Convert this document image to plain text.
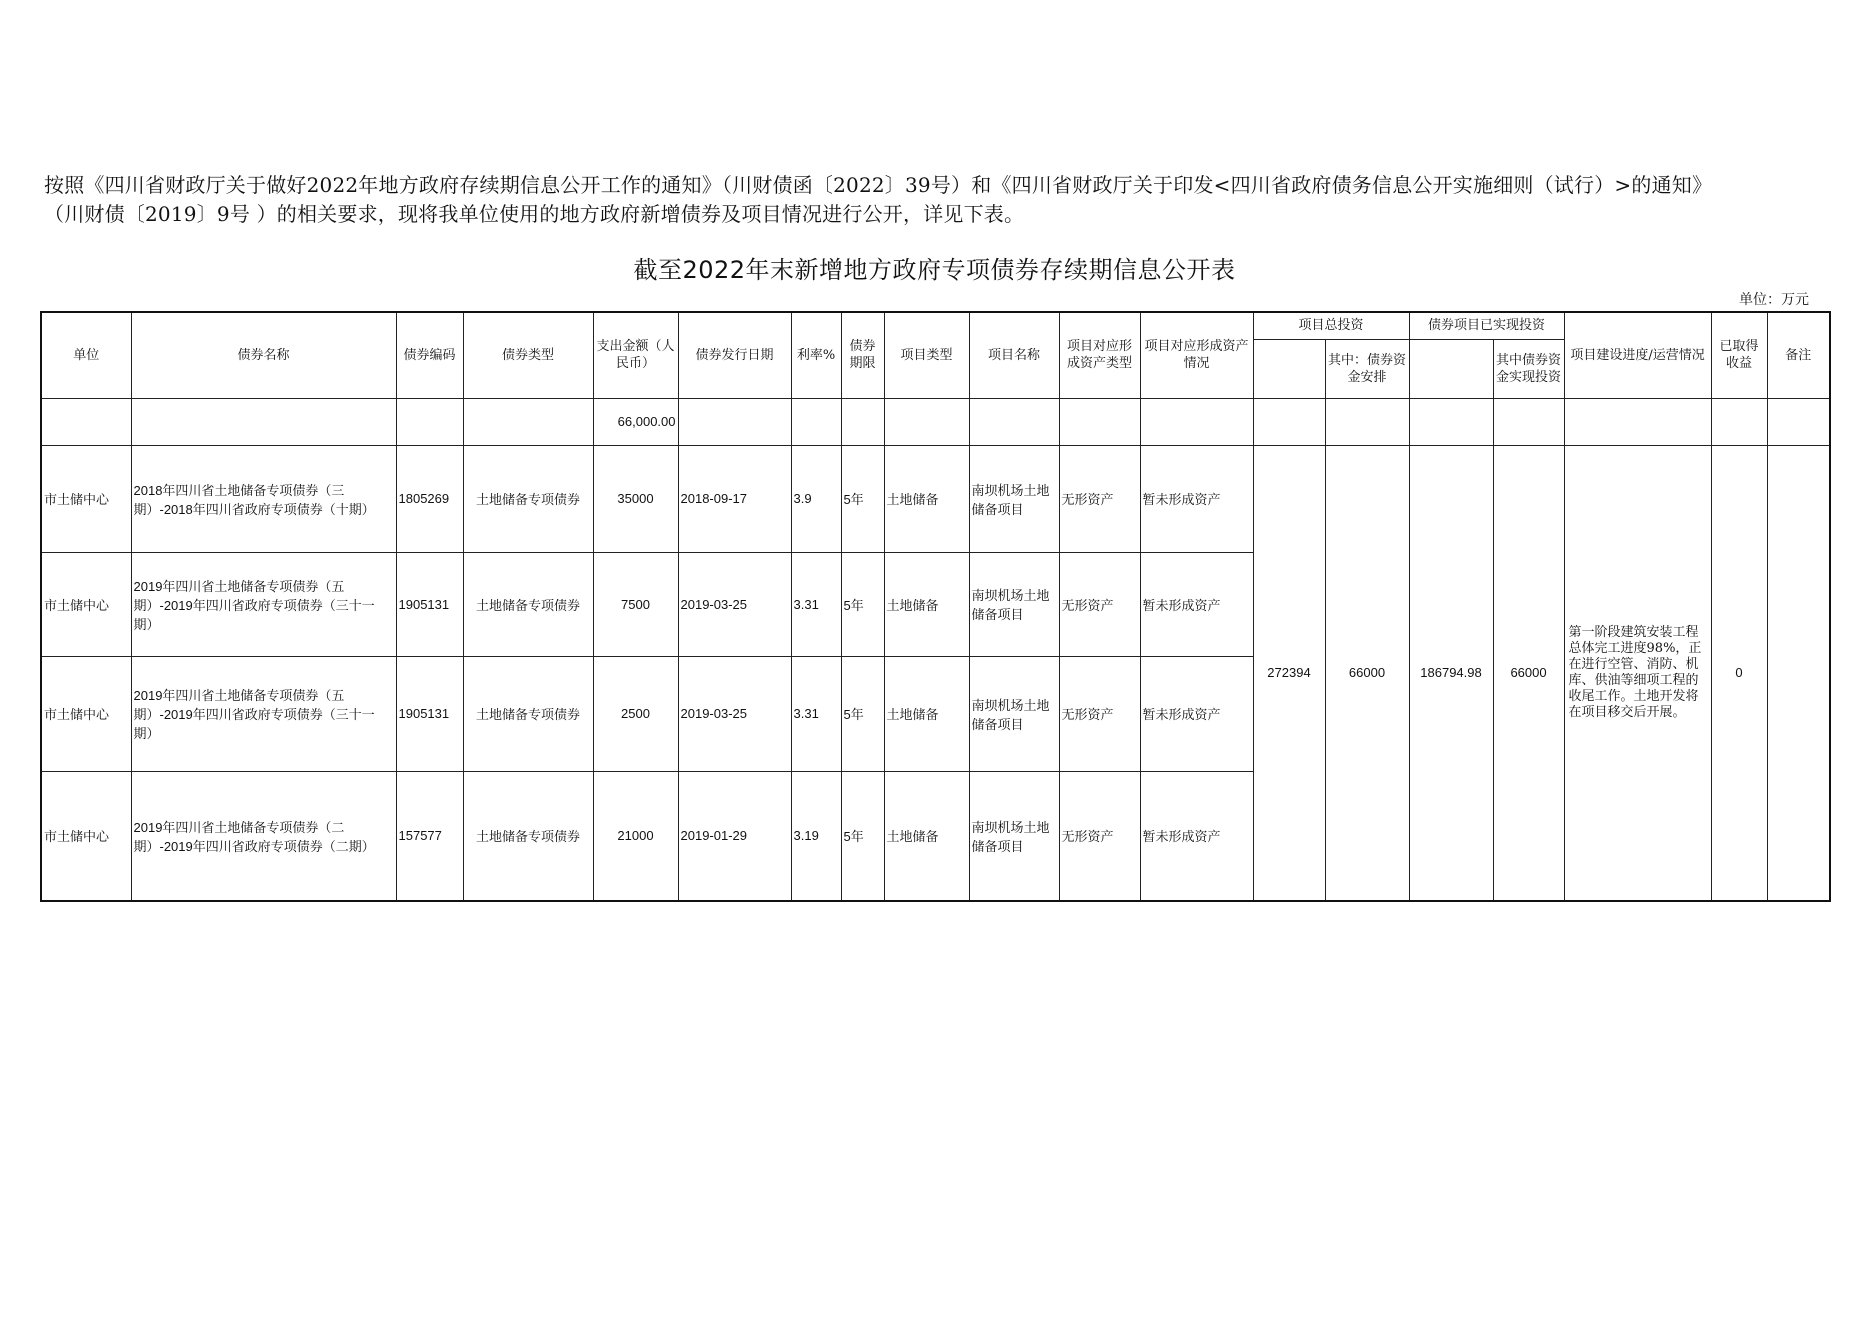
按照《四川省财政厅关于做好2022年地方政府存续期信息公开工作的通知》（川财债函〔2022〕39号）和《四川省财政厅关于印发<四川省政府债务信息公开实施细则（试行）>的通知》

（川财债〔2019〕9号 ）的相关要求，现将我单位使用的地方政府新增债券及项目情况进行公开，详见下表。

截至2022年末新增地方政府专项债券存续期信息公开表
单位：万元
单位	债券名称	债券编码	债券类型	支出金额（人民币）	债券发行日期	利率%	债券期限	项目类型	项目名称	项目对应形成资产类型	项目对应形成资产情况	项目总投资		债券项目已实现投资		项目建设进度/运营情况	已取得收益	备注
													其中：债券资金安排		其中债券资金实现投资			
				66,000.00														
市土储中心	2018年四川省土地储备专项债券（三期）-2018年四川省政府专项债券（十期）	1805269	土地储备专项债券	35000	2018-09-17	3.9	5年	土地储备	南坝机场土地储备项目	无形资产	暂未形成资产	272394	66000	186794.98	66000	第一阶段建筑安装工程总体完工进度98%，正在进行空管、消防、机库、供油等细项工程的收尾工作。土地开发将在项目移交后开展。	0	
市土储中心	2019年四川省土地储备专项债券（五期）-2019年四川省政府专项债券（三十一期）	1905131	土地储备专项债券	7500	2019-03-25	3.31	5年	土地储备	南坝机场土地储备项目	无形资产	暂未形成资产							
市土储中心	2019年四川省土地储备专项债券（五期）-2019年四川省政府专项债券（三十一期）	1905131	土地储备专项债券	2500	2019-03-25	3.31	5年	土地储备	南坝机场土地储备项目	无形资产	暂未形成资产							
市土储中心	2019年四川省土地储备专项债券（二期）-2019年四川省政府专项债券（二期）	157577	土地储备专项债券	21000	2019-01-29	3.19	5年	土地储备	南坝机场土地储备项目	无形资产	暂未形成资产							
